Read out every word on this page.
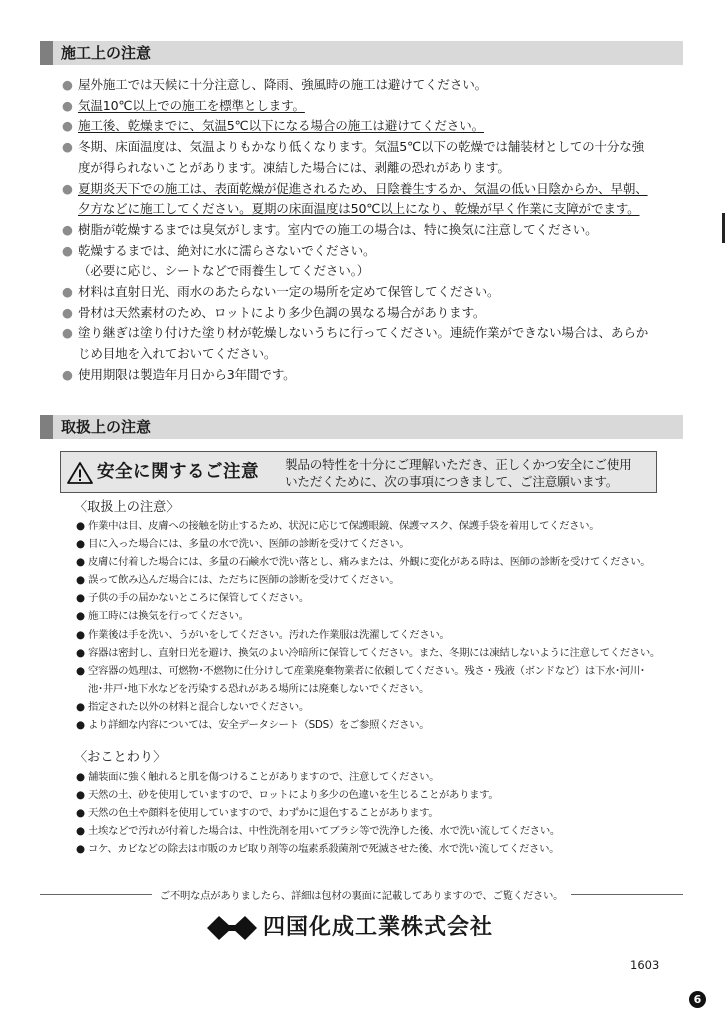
施工上の注意
● 屋外施工では天候に十分注意し、降雨、強風時の施工は避けてください。
● 気温10℃以上での施工を標準とします。
● 施工後、乾燥までに、気温5℃以下になる場合の施工は避けてください。
● 冬期、床面温度は、気温よりもかなり低くなります。気温5℃以下の乾燥では舗装材としての十分な強
度が得られないことがあります。凍結した場合には、剥離の恐れがあります。
● 夏期炎天下での施工は、表面乾燥が促進されるため、日陰養生するか、気温の低い日陰からか、早朝、
夕方などに施工してください。夏期の床面温度は50℃以上になり、乾燥が早く作業に支障がでます。
● 樹脂が乾燥するまでは臭気がします。室内での施工の場合は、特に換気に注意してください。
● 乾燥するまでは、絶対に水に濡らさないでください。
（必要に応じ、シートなどで雨養生してください。）
● 材料は直射日光、雨水のあたらない一定の場所を定めて保管してください。
● 骨材は天然素材のため、ロットにより多少色調の異なる場合があります。
● 塗り継ぎは塗り付けた塗り材が乾燥しないうちに行ってください。連続作業ができない場合は、あらか
じめ目地を入れておいてください。
● 使用期限は製造年月日から3年間です。
取扱上の注意
安全に関するご注意 製品の特性を十分にご理解いただき、正しくかつ安全にご使用
いただくために、次の事項につきまして、ご注意願います。
〈取扱上の注意〉
● 作業中は目、皮膚への接触を防止するため、状況に応じて保護眼鏡、保護マスク、保護手袋を着用してください。
● 目に入った場合には、多量の水で洗い、医師の診断を受けてください。
● 皮膚に付着した場合には、多量の石鹸水で洗い落とし、痛みまたは、外観に変化がある時は、医師の診断を受けてください。
● 誤って飲み込んだ場合には、ただちに医師の診断を受けてください。
● 子供の手の届かないところに保管してください。
● 施工時には換気を行ってください。
● 作業後は手を洗い、うがいをしてください。汚れた作業服は洗濯してください。
● 容器は密封し、直射日光を避け、換気のよい冷暗所に保管してください。また、冬期には凍結しないように注意してください。
● 空容器の処理は、可燃物･不燃物に仕分けして産業廃棄物業者に依頼してください。残さ・残液（ボンドなど）は下水･河川･
池･井戸･地下水などを汚染する恐れがある場所には廃棄しないでください。
● 指定された以外の材料と混合しないでください。
● より詳細な内容については、安全データシート（SDS）をご参照ください。
〈おことわり〉
● 舗装面に強く触れると肌を傷つけることがありますので、注意してください。
● 天然の土、砂を使用していますので、ロットにより多少の色違いを生じることがあります。
● 天然の色土や顔料を使用していますので、わずかに退色することがあります。
● 土埃などで汚れが付着した場合は、中性洗剤を用いてブラシ等で洗浄した後、水で洗い流してください。
● コケ、カビなどの除去は市販のカビ取り剤等の塩素系殺菌剤で死滅させた後、水で洗い流してください。
ご不明な点がありましたら、詳細は包材の裏面に記載してありますので、ご覧ください。
四国化成工業株式会社
1603
6
